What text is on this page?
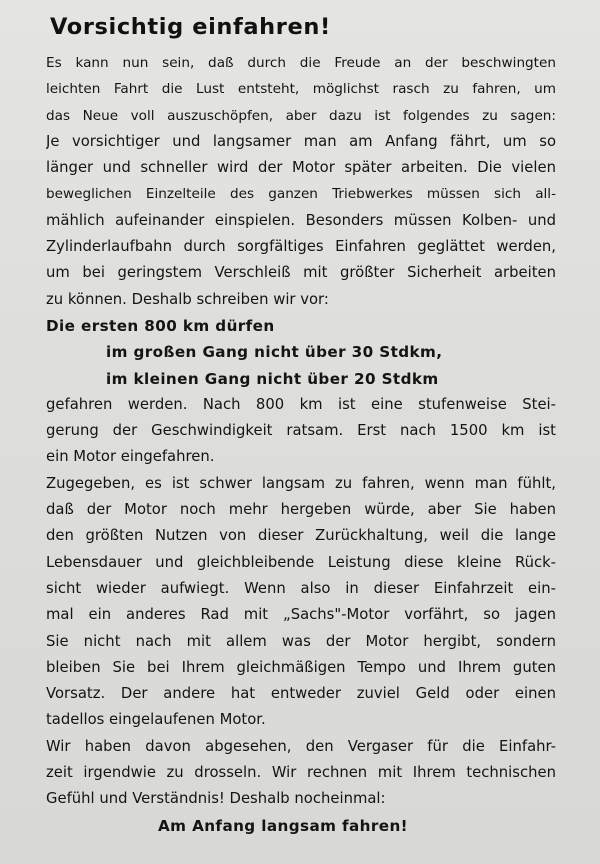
Vorsichtig einfahren!
Es kann nun sein, daß durch die Freude an der beschwingten
leichten Fahrt die Lust entsteht, möglichst rasch zu fahren, um
das Neue voll auszuschöpfen, aber dazu ist folgendes zu sagen:
Je vorsichtiger und langsamer man am Anfang fährt, um so
länger und schneller wird der Motor später arbeiten. Die vielen
beweglichen Einzelteile des ganzen Triebwerkes müssen sich all-
mählich aufeinander einspielen. Besonders müssen Kolben- und
Zylinderlaufbahn durch sorgfältiges Einfahren geglättet werden,
um bei geringstem Verschleiß mit größter Sicherheit arbeiten
zu können. Deshalb schreiben wir vor:
Die ersten 800 km dürfen
im großen Gang nicht über 30 Stdkm,
im kleinen Gang nicht über 20 Stdkm
gefahren werden. Nach 800 km ist eine stufenweise Stei-
gerung der Geschwindigkeit ratsam. Erst nach 1500 km ist
ein Motor eingefahren.
Zugegeben, es ist schwer langsam zu fahren, wenn man fühlt,
daß der Motor noch mehr hergeben würde, aber Sie haben
den größten Nutzen von dieser Zurückhaltung, weil die lange
Lebensdauer und gleichbleibende Leistung diese kleine Rück-
sicht wieder aufwiegt. Wenn also in dieser Einfahrzeit ein-
mal ein anderes Rad mit „Sachs"-Motor vorfährt, so jagen
Sie nicht nach mit allem was der Motor hergibt, sondern
bleiben Sie bei Ihrem gleichmäßigen Tempo und Ihrem guten
Vorsatz. Der andere hat entweder zuviel Geld oder einen
tadellos eingelaufenen Motor.
Wir haben davon abgesehen, den Vergaser für die Einfahr-
zeit irgendwie zu drosseln. Wir rechnen mit Ihrem technischen
Gefühl und Verständnis! Deshalb nocheinmal:
Am Anfang langsam fahren!
